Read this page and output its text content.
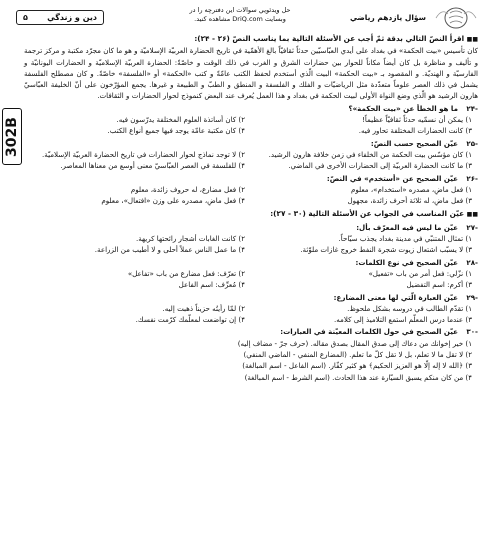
سؤال يازدهم رياضي
حل ويدئويي سوالات اين دفترچه را در
وبسايت DriQ.com مشاهده كنيد.
دين و زندگي
۵
302B
■■ اقرأ النصّ التالي بدقة ثمّ أجب عن الأسئلة التالية بما يناسب النصّ (۲۶ - ۲۴):

كان تأسيس «بيت الحكمة» في بغداد على أيدي العبّاسيّين حدثاً ثقافيّاً بالغ الأهمّية في تاريخ الحضارة العربيّة الإسلاميّة و هو ما كان مجرّد مكتبة و مركز ترجمة و تأليف و مناظرة بل كان أيضاً مكاناً للحوار بين حضارات الشرق و الغرب في ذلك الوقت و خاصّةً: الحضارة العربيّة الإسلاميّة و الحضارات اليونانيّة و الفارسيّة و الهنديّة. و المقصود بـ «بيت الحكمة» البيت الّذي أستخدم لحفظ الكتب عامّةً و كتب «الحكمة» أو «الفلسفة» خاصّةً. و كان مصطلح الفلسفة يشمل في ذلك العصر علوماً متعدّدة مثل الرياضيّات و الفلك و الفلسفة و المنطق و الطبّ و الطبيعة و غيرها. يجمع المؤرّخون على أنّ الخليفة العبّاسيّ هارون الرشيد هو الّذي وضع النواة الأولى لبيت الحكمة في بغداد و هذا العمل يُعرف عند البعض كنموذج لحوار الحضارات و الثقافات.

-۲۴
ما هو الخطأ عن «بيت الحكمة»؟
۱) يمكن أن نسمّيه حدثاً ثقافيّاً عظيماً!
۲) كان أساتذة العلوم المختلفة يدرّسون فيه.
۳) كانت الحضارات المختلفة تحاور فيه.
۴) كان مكتبة عامّة يوجد فيها جميع أنواع الكتب.
-۲۵
عيّن الصحيح حسب النصّ:
۱) كان مؤسّس بيت الحكمة من الخلفاء في زمن خلافة هارون الرشيد.
۲) لا توجد نماذج لحوار الحضارات في تاريخ الحضارة العربيّة الإسلاميّة.
۳) ما كانت الحضارة العربيّة إلى الحضارات الأخرى في الماضي.
۴) للفلسفة في العصر العبّاسيّ معنى أوسع من معناها المعاصر.
-۲۶
عيّن الصحيح عن «أستخدم» في النصّ:
۱) فعل ماضٍ، مصدره «استخدام»، معلوم
۲) فعل مضارع، له حروف زائدة، معلوم
۳) فعل ماضٍ، له ثلاثة أحرف زائدة، مجهول
۴) فعل ماضٍ، مصدره على وزن «افتعال»، معلوم
■■ عيّن المناسب في الجواب عن الأسئلة التالية (۳۰ - ۲۷):
-۲۷
عيّن ما ليس فيه المعرّف بأل:
۱) تمثال المتنبّي في مدينة بغداد يجذب سيّاحاً.
۲) كانت الغابات أشجار رائحتها كريهة.
۳) لا يسبّب اشتعال زيوت شجرة النفط خروج غازات ملوّثة.
۴) ما عمل الناس عملاً أحلى و لا أطيب من الزراعة.
-۲۸
عيّن الصحيح في نوع الكلمات:
۱) نزّلي: فعل أمر من باب «تفعيل»
۲) تعرّف: فعل مضارع من باب «تفاعل»
۳) أكرم: اسم التفضيل
۴) مُعرِّف: اسم الفاعل
-۲۹
عيّن العبارة الّتي لها معنى المضارع:
۱) تقدّم الطالب في دروسه بشكل ملحوظ.
۲) لمّا رأيتُه حزيناً ذهبت إليه.
۳) عندما درس المعلّم استمع التلاميذ إلى كلامه.
۴) إن تواضعت لمعلّمك كرّمت نفسك.
-۳۰
عيّن الصحيح في حول الكلمات المعيّنة في العبارات:
۱) خير إخوانك من دعاك إلى صدق المقال بصدق مقاله. (حرف جرّ - مضاف إليه)
۲) لا تقل ما لا تعلم، بل لا تقل كلّ ما تعلم. (المضارع المنفي - الماضي المنفي)
۳) ﴿الله لا إله إلّا هو العزيز الحكيم﴾ هو كثير كفّار. (اسم الفاعل - اسم المبالغة)
۴) من كان منكم يسبق السيّارة عند هذا الحادث. (اسم الشرط - اسم المبالغة)
